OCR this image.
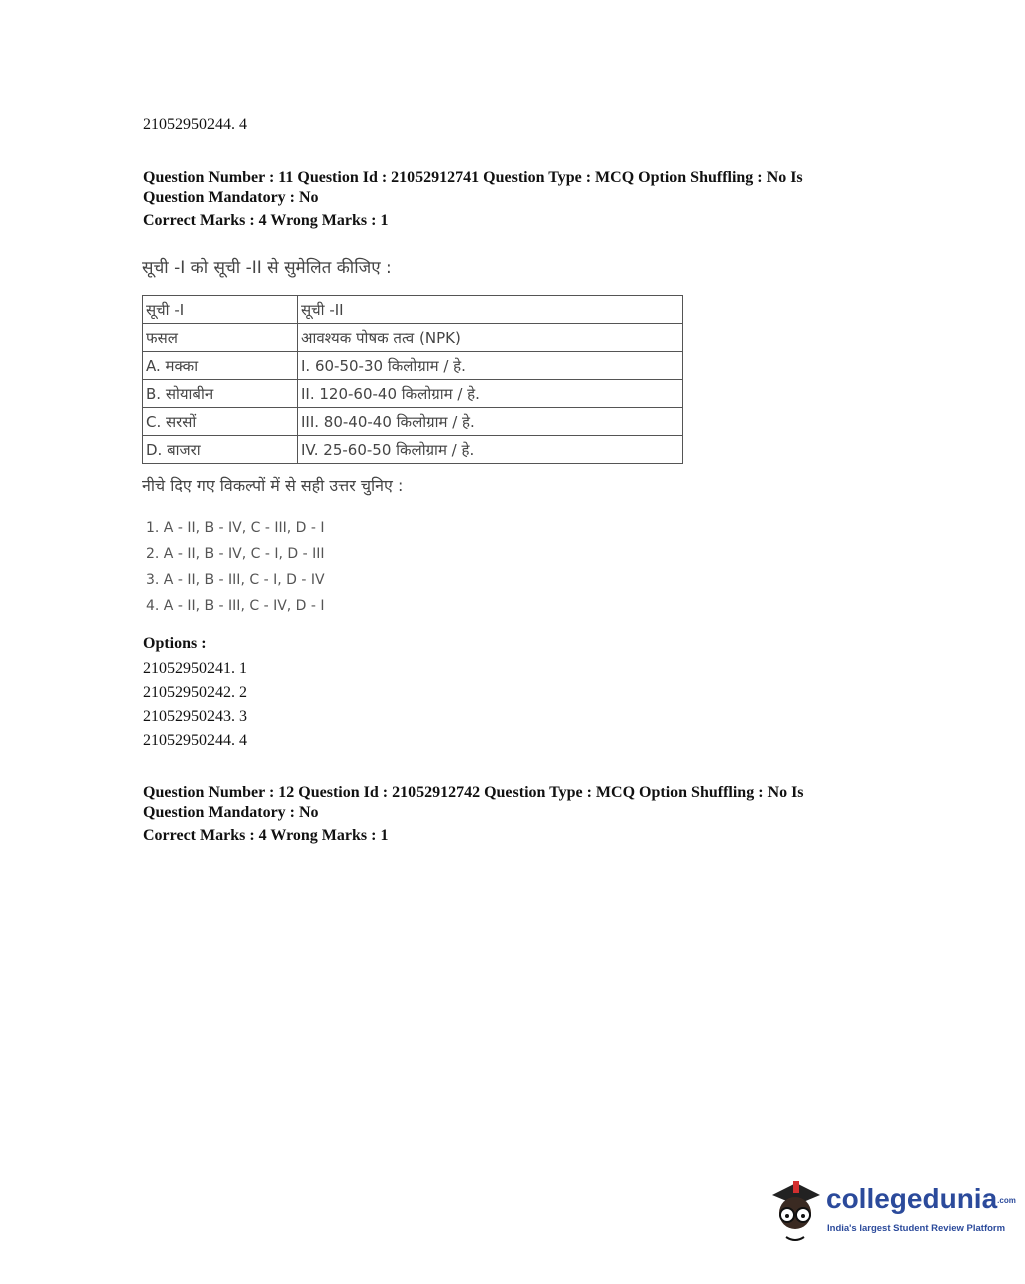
21052950244. 4
Question Number : 11 Question Id : 21052912741 Question Type : MCQ Option Shuffling : No Is
Question Mandatory : No
Correct Marks : 4 Wrong Marks : 1
सूची -I को सूची -II से सुमेलित कीजिए :
सूची -I	सूची -II
फसल	आवश्यक पोषक तत्व (NPK)
A. मक्का	I. 60-50-30 किलोग्राम / हे.
B. सोयाबीन	II. 120-60-40 किलोग्राम / हे.
C. सरसों	III. 80-40-40 किलोग्राम / हे.
D. बाजरा	IV. 25-60-50 किलोग्राम / हे.
नीचे दिए गए विकल्पों में से सही उत्तर चुनिए :
1. A - II, B - IV, C - III, D - I
2. A - II, B - IV, C - I, D - III
3. A - II, B - III, C - I, D - IV
4. A - II, B - III, C - IV, D - I
Options :
21052950241. 1
21052950242. 2
21052950243. 3
21052950244. 4
Question Number : 12 Question Id : 21052912742 Question Type : MCQ Option Shuffling : No Is
Question Mandatory : No
Correct Marks : 4 Wrong Marks : 1
collegedunia.com
India's largest Student Review Platform
